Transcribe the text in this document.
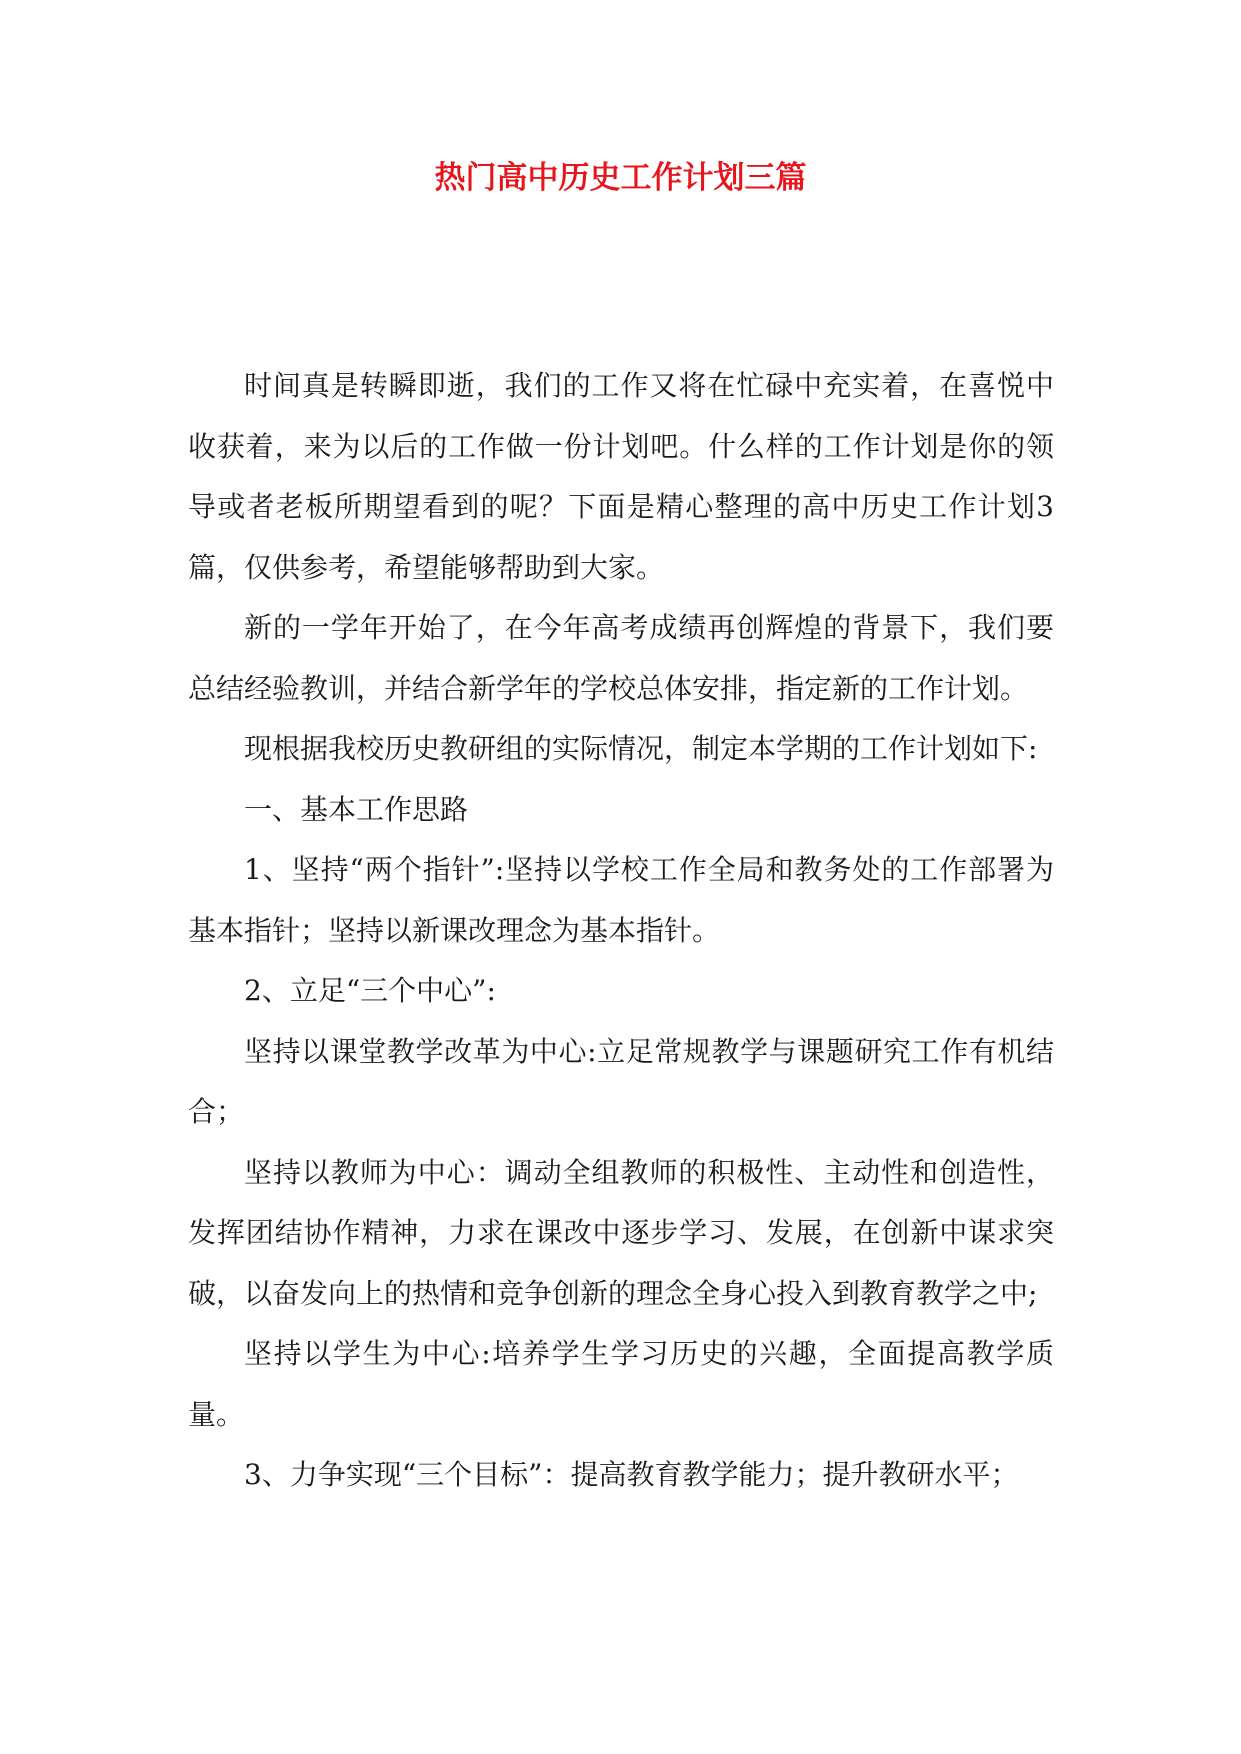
热门高中历史工作计划三篇

时间真是转瞬即逝，我们的工作又将在忙碌中充实着，在喜悦中收获着，来为以后的工作做一份计划吧。什么样的工作计划是你的领导或者老板所期望看到的呢？下面是精心整理的高中历史工作计划3篇，仅供参考，希望能够帮助到大家。

新的一学年开始了，在今年高考成绩再创辉煌的背景下，我们要总结经验教训，并结合新学年的学校总体安排，指定新的工作计划。

现根据我校历史教研组的实际情况，制定本学期的工作计划如下:

一、基本工作思路

1、坚持“两个指针”:坚持以学校工作全局和教务处的工作部署为基本指针；坚持以新课改理念为基本指针。

2、立足“三个中心”:

坚持以课堂教学改革为中心:立足常规教学与课题研究工作有机结合；

坚持以教师为中心：调动全组教师的积极性、主动性和创造性，发挥团结协作精神，力求在课改中逐步学习、发展，在创新中谋求突破，以奋发向上的热情和竞争创新的理念全身心投入到教育教学之中;

坚持以学生为中心:培养学生学习历史的兴趣，全面提高教学质量。

3、力争实现“三个目标”：提高教育教学能力；提升教研水平；
